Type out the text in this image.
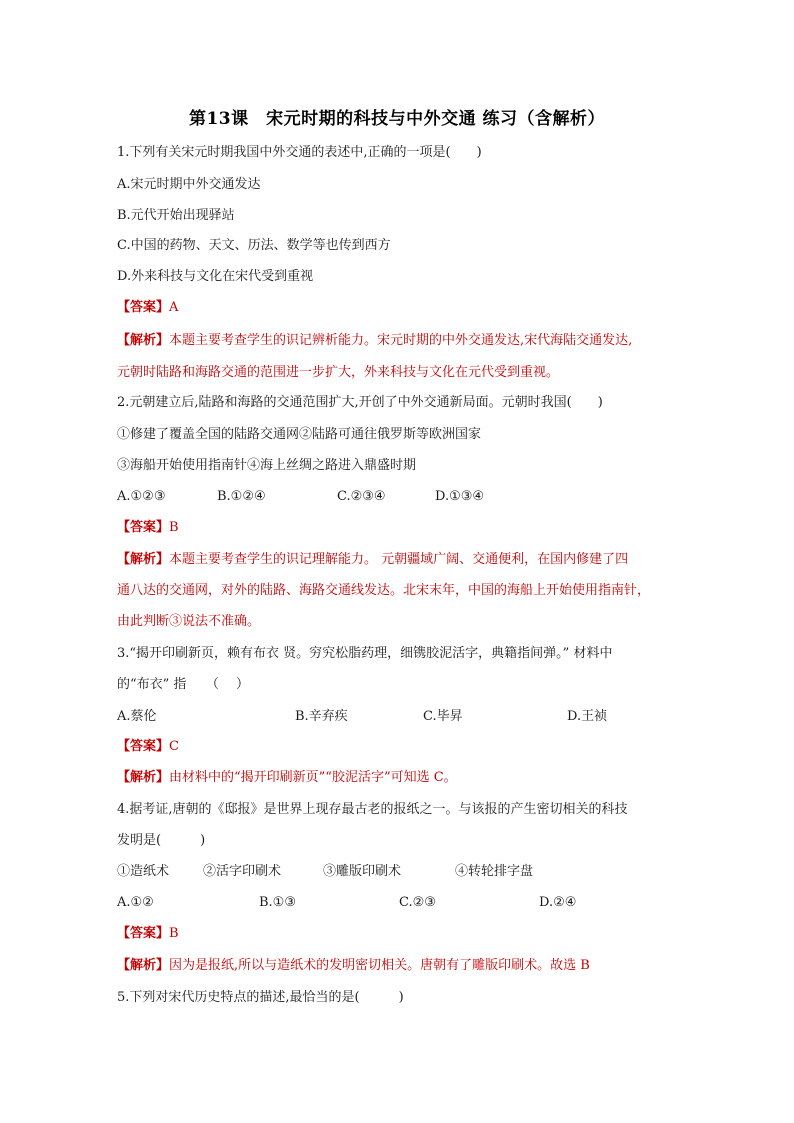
第13课　宋元时期的科技与中外交通 练习（含解析）
1.下列有关宋元时期我国中外交通的表述中,正确的一项是(　　)
A.宋元时期中外交通发达
B.元代开始出现驿站
C.中国的药物、天文、历法、数学等也传到西方
D.外来科技与文化在宋代受到重视
【答案】A
【解析】本题主要考查学生的识记辨析能力。宋元时期的中外交通发达,宋代海陆交通发达,
元朝时陆路和海路交通的范围进一步扩大，外来科技与文化在元代受到重视。
2.元朝建立后,陆路和海路的交通范围扩大,开创了中外交通新局面。元朝时我国(　　)
①修建了覆盖全国的陆路交通网②陆路可通往俄罗斯等欧洲国家
③海船开始使用指南针④海上丝绸之路进入鼎盛时期
A.①②③	B.①②④	C.②③④	D.①③④
【答案】B
【解析】本题主要考查学生的识记理解能力。 元朝疆域广阔、交通便利，在国内修建了四
通八达的交通网，对外的陆路、海路交通线发达。北宋末年，中国的海船上开始使用指南针，
由此判断③说法不准确。
3.“揭开印刷新页，赖有布衣 贤。穷究松脂药理，细镌胶泥活字，典籍指间弹。” 材料中
的“布衣” 指　　（　 ）
A.蔡伦	B.辛弃疾	C.毕昇	D.王祯
【答案】C
【解析】由材料中的“揭开印刷新页”“胶泥活字”可知选 C。
4.据考证,唐朝的《邸报》是世界上现存最古老的报纸之一。与该报的产生密切相关的科技
发明是(　　　)
①造纸术	②活字印刷术	③雕版印刷术	④转轮排字盘
A.①②	B.①③	C.②③	D.②④
【答案】B
【解析】因为是报纸,所以与造纸术的发明密切相关。唐朝有了雕版印刷术。故选 B
5.下列对宋代历史特点的描述,最恰当的是(　　　)
